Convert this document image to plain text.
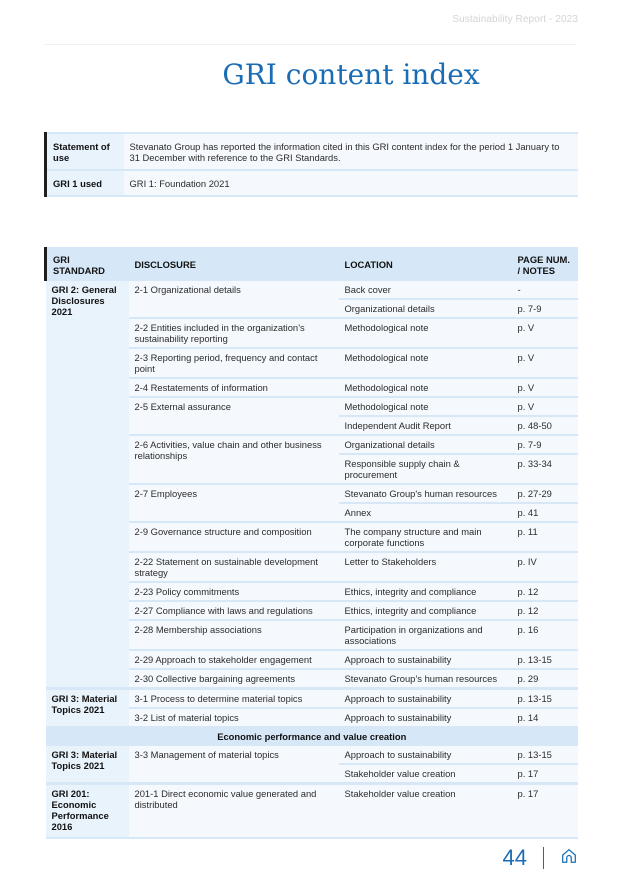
Sustainability Report - 2023
GRI content index
Statement of use	Stevanato Group has reported the information cited in this GRI content index for the period 1 January to 31 December with reference to the GRI Standards.
GRI 1 used	GRI 1: Foundation 2021
GRI STANDARD	DISCLOSURE	LOCATION	PAGE NUM. / NOTES
GRI 2: General Disclosures 2021	2-1 Organizational details	Back cover	-
		Organizational details	p. 7-9
	2-2 Entities included in the organization’s sustainability reporting	Methodological note	p. V
	2-3 Reporting period, frequency and contact point	Methodological note	p. V
	2-4 Restatements of information	Methodological note	p. V
	2-5 External assurance	Methodological note	p. V
		Independent Audit Report	p. 48-50
	2-6 Activities, value chain and other business relationships	Organizational details	p. 7-9
		Responsible supply chain & procurement	p. 33-34
	2-7 Employees	Stevanato Group's human resources	p. 27-29
		Annex	p. 41
	2-9 Governance structure and composition	The company structure and main corporate functions	p. 11
	2-22 Statement on sustainable development strategy	Letter to Stakeholders	p. IV
	2-23 Policy commitments	Ethics, integrity and compliance	p. 12
	2-27 Compliance with laws and regulations	Ethics, integrity and compliance	p. 12
	2-28 Membership associations	Participation in organizations and associations	p. 16
	2-29 Approach to stakeholder engagement	Approach to sustainability	p. 13-15
	2-30 Collective bargaining agreements	Stevanato Group’s human resources	p. 29
GRI 3: Material Topics 2021	3-1 Process to determine material topics	Approach to sustainability	p. 13-15
	3-2 List of material topics	Approach to sustainability	p. 14
Economic performance and value creation			
GRI 3: Material Topics 2021	3-3 Management of material topics	Approach to sustainability	p. 13-15
		Stakeholder value creation	p. 17
GRI 201: Economic Performance 2016	201-1 Direct economic value generated and distributed	Stakeholder value creation	p. 17
44
